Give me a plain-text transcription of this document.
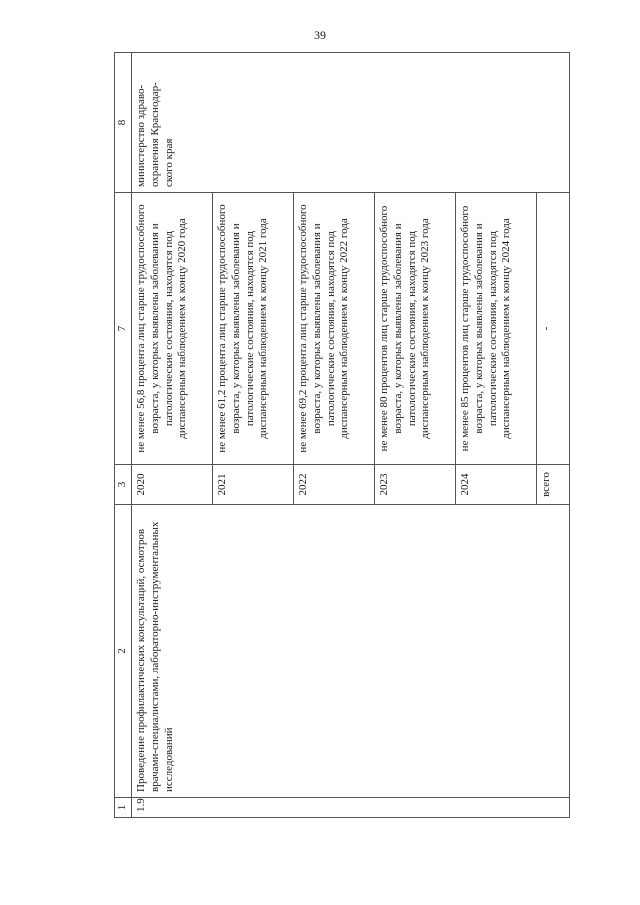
39
1	2	3	7	8
1.9	Проведение профилактических консультаций, осмотров врачами-специалистами, лабораторно-инструментальных исследований	2020	не менее 56,8 процента лиц старше трудоспособного возраста, у которых выявлены заболевания и патологические состояния, находятся под диспансерным наблюдением к концу 2020 года	министерство здраво-охранения Краснодар-ского края
		2021	не менее 61,2 процента лиц старше трудоспособного возраста, у которых выявлены заболевания и патологические состояния, находятся под диспансерным наблюдением к концу 2021 года	
		2022	не менее 69,2 процента лиц старше трудоспособного возраста, у которых выявлены заболевания и патологические состояния, находятся под диспансерным наблюдением к концу 2022 года	
		2023	не менее 80 процентов лиц старше трудоспособного возраста, у которых выявлены заболевания и патологические состояния, находятся под диспансерным наблюдением к концу 2023 года	
		2024	не менее 85 процентов лиц старше трудоспособного возраста, у которых выявлены заболевания и патологические состояния, находятся под диспансерным наблюдением к концу 2024 года	
		всего	-	
